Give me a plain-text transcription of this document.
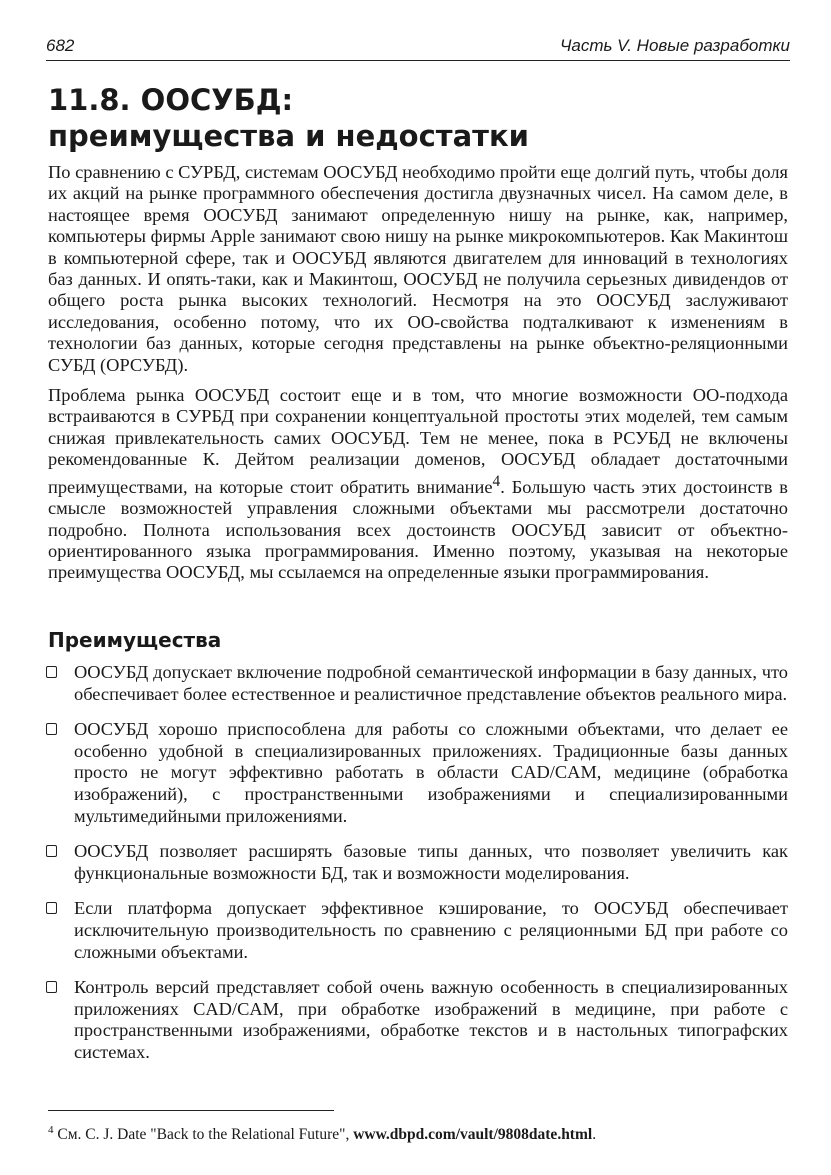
682	Часть V. Новые разработки
11.8. ООСУБД:
преимущества и недостатки

По сравнению с СУРБД, системам ООСУБД необходимо пройти еще долгий путь, чтобы доля их акций на рынке программного обеспечения достигла двузначных чисел. На самом деле, в настоящее время ООСУБД занимают определенную нишу на рынке, как, например, компьютеры фирмы Apple занимают свою нишу на рынке микрокомпьютеров. Как Макинтош в компьютерной сфере, так и ООСУБД являются двигателем для инноваций в технологиях баз данных. И опять-таки, как и Макинтош, ООСУБД не получила серьезных дивидендов от общего роста рынка высоких технологий. Несмотря на это ООСУБД заслуживают исследования, особенно потому, что их ОО-свойства подталкивают к изменениям в технологии баз данных, которые сегодня представлены на рынке объектно-реляционными СУБД (ОРСУБД).

Проблема рынка ООСУБД состоит еще и в том, что многие возможности ОО-подхода встраиваются в СУРБД при сохранении концептуальной простоты этих моделей, тем самым снижая привлекательность самих ООСУБД. Тем не менее, пока в РСУБД не включены рекомендованные К. Дейтом реализации доменов, ООСУБД обладает достаточными преимуществами, на которые стоит обратить внимание$^4$. Большую часть этих достоинств в смысле возможностей управления сложными объектами мы рассмотрели достаточно подробно. Полнота использования всех достоинств ООСУБД зависит от объектно-ориентированного языка программирования. Именно поэтому, указывая на некоторые преимущества ООСУБД, мы ссылаемся на определенные языки программирования.

Преимущества
ООСУБД допускает включение подробной семантической информации в базу данных, что обеспечивает более естественное и реалистичное представление объектов реального мира.
ООСУБД хорошо приспособлена для работы со сложными объектами, что делает ее особенно удобной в специализированных приложениях. Традиционные базы данных просто не могут эффективно работать в области CAD/CAM, медицине (обработка изображений), с пространственными изображениями и специализированными мультимедийными приложениями.
ООСУБД позволяет расширять базовые типы данных, что позволяет увеличить как функциональные возможности БД, так и возможности моделирования.
Если платформа допускает эффективное кэширование, то ООСУБД обеспечивает исключительную производительность по сравнению с реляционными БД при работе со сложными объектами.
Контроль версий представляет собой очень важную особенность в специализированных приложениях CAD/CAM, при обработке изображений в медицине, при работе с пространственными изображениями, обработке текстов и в настольных типографских системах.

$^4$ См. С. J. Date "Back to the Relational Future", www.dbpd.com/vault/9808date.html.
